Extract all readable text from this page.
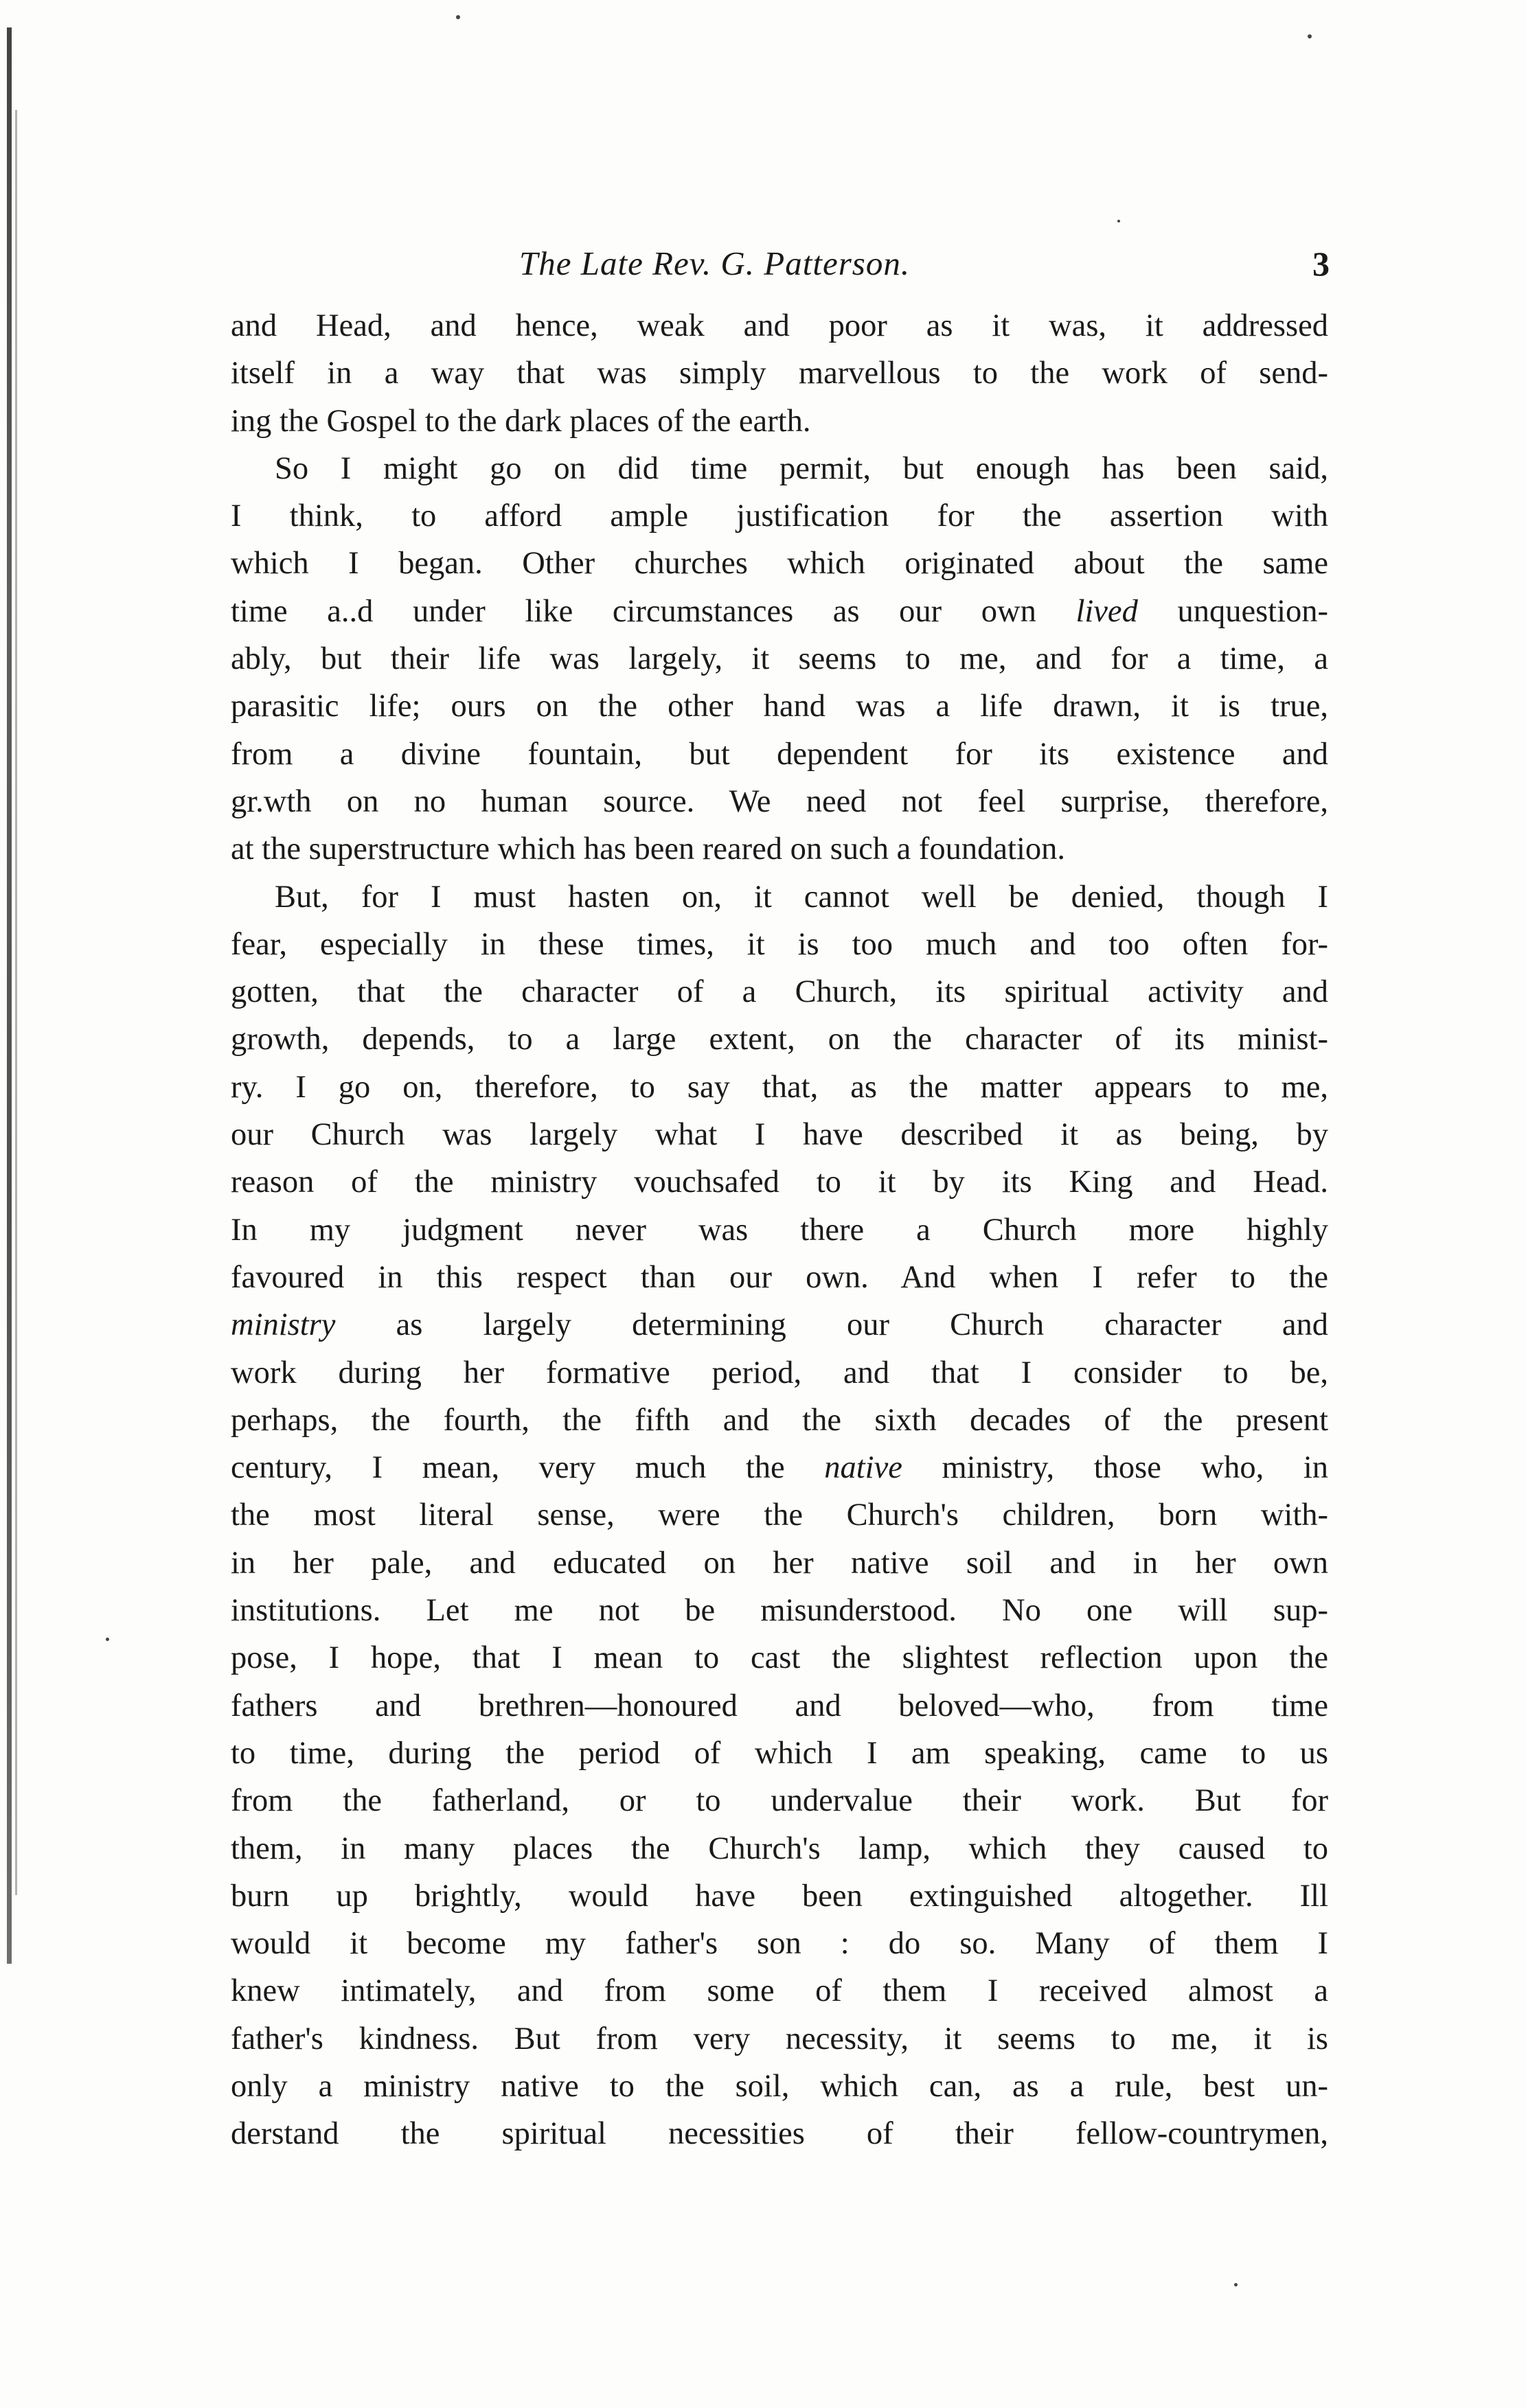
The Late Rev. G. Patterson.	3
and Head, and hence, weak and poor as it was, it addressed
itself in a way that was simply marvellous to the work of send-
ing the Gospel to the dark places of the earth.
So I might go on did time permit, but enough has been said,
I think, to afford ample justification for the assertion with
which I began. Other churches which originated about the same
time a..d under like circumstances as our own lived unquestion-
ably, but their life was largely, it seems to me, and for a time, a
parasitic life; ours on the other hand was a life drawn, it is true,
from a divine fountain, but dependent for its existence and
gr.wth on no human source. We need not feel surprise, therefore,
at the superstructure which has been reared on such a foundation.
But, for I must hasten on, it cannot well be denied, though I
fear, especially in these times, it is too much and too often for-
gotten, that the character of a Church, its spiritual activity and
growth, depends, to a large extent, on the character of its minist-
ry. I go on, therefore, to say that, as the matter appears to me,
our Church was largely what I have described it as being, by
reason of the ministry vouchsafed to it by its King and Head.
In my judgment never was there a Church more highly
favoured in this respect than our own. And when I refer to the
ministry as largely determining our Church character and
work during her formative period, and that I consider to be,
perhaps, the fourth, the fifth and the sixth decades of the present
century, I mean, very much the native ministry, those who, in
the most literal sense, were the Church's children, born with-
in her pale, and educated on her native soil and in her own
institutions. Let me not be misunderstood. No one will sup-
pose, I hope, that I mean to cast the slightest reflection upon the
fathers and brethren—honoured and beloved—who, from time
to time, during the period of which I am speaking, came to us
from the fatherland, or to undervalue their work. But for
them, in many places the Church's lamp, which they caused to
burn up brightly, would have been extinguished altogether. Ill
would it become my father's son : do so. Many of them I
knew intimately, and from some of them I received almost a
father's kindness. But from very necessity, it seems to me, it is
only a ministry native to the soil, which can, as a rule, best un-
derstand the spiritual necessities of their fellow-countrymen,
